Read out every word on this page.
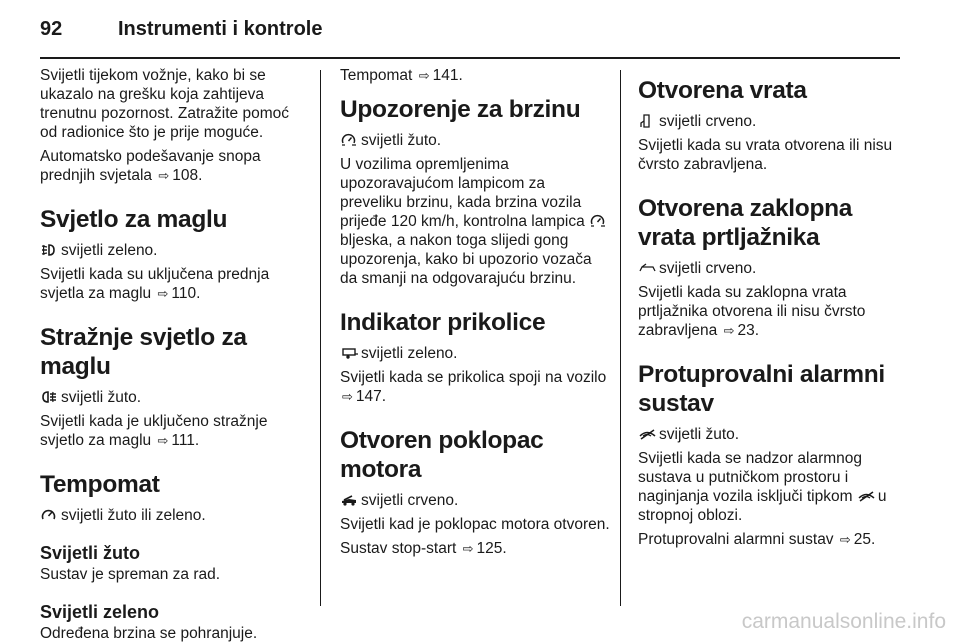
92	Instrumenti i kontrole

Svijetli tijekom vožnje, kako bi se ukazalo na grešku koja zahtijeva trenutnu pozornost. Zatražite pomoć od radionice što je prije moguće.

Automatsko podešavanje snopa prednjih svjetala ⇨ 108.

Svjetlo za maglu

svijetli zeleno.

Svijetli kada su uključena prednja svjetla za maglu ⇨ 110.

Stražnje svjetlo za maglu

svijetli žuto.

Svijetli kada je uključeno stražnje svjetlo za maglu ⇨ 111.

Tempomat

svijetli žuto ili zeleno.

Svijetli žuto

Sustav je spreman za rad.

Svijetli zeleno

Određena brzina se pohranjuje.

Tempomat ⇨ 141.

Upozorenje za brzinu

svijetli žuto.

U vozilima opremljenima upozoravajućom lampicom za preveliku brzinu, kada brzina vozila prijeđe 120 km/h, kontrolna lampica bljeska, a nakon toga slijedi gong upozorenja, kako bi upozorio vozača da smanji na odgovarajuću brzinu.

Indikator prikolice

svijetli zeleno.

Svijetli kada se prikolica spoji na vozilo ⇨ 147.

Otvoren poklopac motora

svijetli crveno.

Svijetli kad je poklopac motora otvoren.

Sustav stop-start ⇨ 125.

Otvorena vrata

svijetli crveno.

Svijetli kada su vrata otvorena ili nisu čvrsto zabravljena.

Otvorena zaklopna vrata prtljažnika

svijetli crveno.

Svijetli kada su zaklopna vrata prtljažnika otvorena ili nisu čvrsto zabravljena ⇨ 23.

Protuprovalni alarmni sustav

svijetli žuto.

Svijetli kada se nadzor alarmnog sustava u putničkom prostoru i naginjanja vozila isključi tipkom u stropnoj oblozi.

Protuprovalni alarmni sustav ⇨ 25.

carmanualsonline.info
